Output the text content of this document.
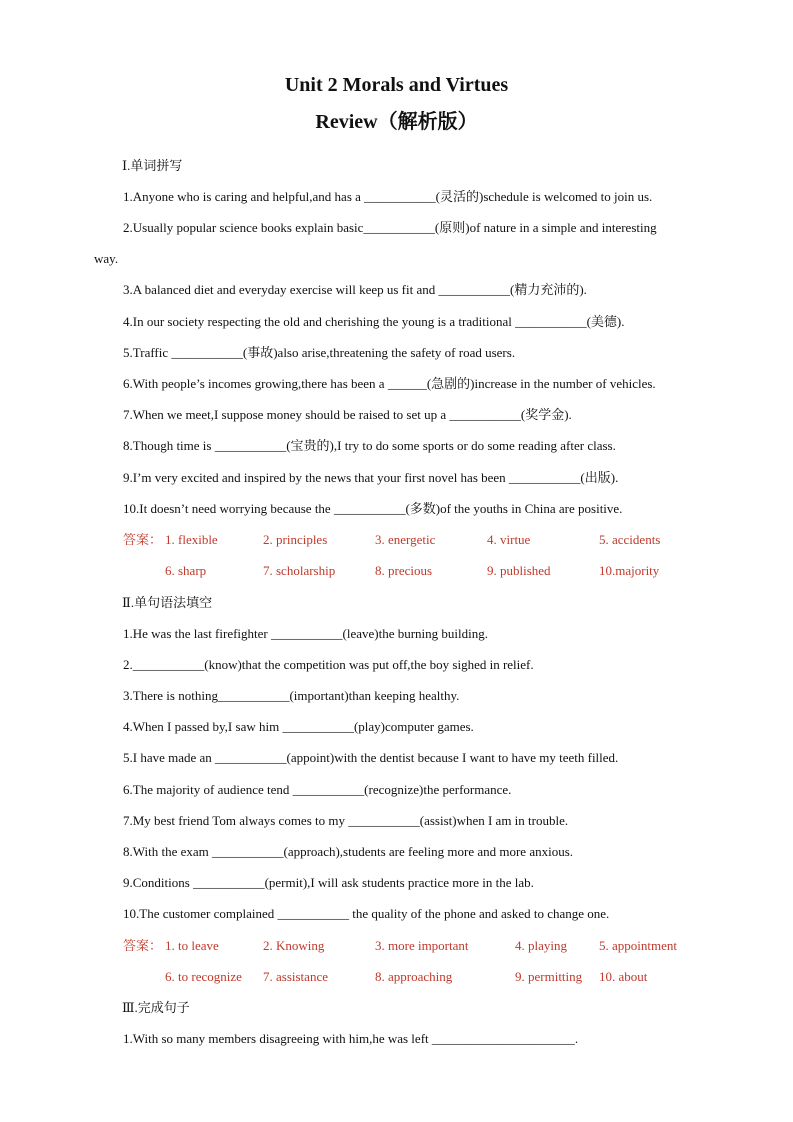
Unit 2 Morals and Virtues
Review（解析版）
Ⅰ.单词拼写
1.Anyone who is caring and helpful,and has a ___________(灵活的)schedule is welcomed to join us.
2.Usually popular science books explain basic___________(原则)of nature in a simple and interesting
way.
3.A balanced diet and everyday exercise will keep us fit and ___________(精力充沛的).
4.In our society respecting the old and cherishing the young is a traditional ___________(美德).
5.Traffic ___________(事故)also arise,threatening the safety of road users.
6.With people’s incomes growing,there has been a ______(急剧的)increase in the number of vehicles.
7.When we meet,I suppose money should be raised to set up a ___________(奖学金).
8.Though time is ___________(宝贵的),I try to do some sports or do some reading after class.
9.I’m very excited and inspired by the news that your first novel has been ___________(出版).
10.It doesn’t need worrying because the ___________(多数)of the youths in China are positive.
答案： 1. flexible	2. principles	3. energetic	4. virtue	5. accidents
6. sharp	7. scholarship	8. precious	9. published	10.majority
Ⅱ.单句语法填空
1.He was the last firefighter ___________(leave)the burning building.
2.___________(know)that the competition was put off,the boy sighed in relief.
3.There is nothing___________(important)than keeping healthy.
4.When I passed by,I saw him ___________(play)computer games.
5.I have made an ___________(appoint)with the dentist because I want to have my teeth filled.
6.The majority of audience tend ___________(recognize)the performance.
7.My best friend Tom always comes to my ___________(assist)when I am in trouble.
8.With the exam ___________(approach),students are feeling more and more anxious.
9.Conditions ___________(permit),I will ask students practice more in the lab.
10.The customer complained ___________ the quality of the phone and asked to change one.
答案： 1. to leave	2. Knowing	3. more important	4. playing 5. appointment
6. to recognize 7. assistance	8. approaching	9. permitting 10. about
Ⅲ.完成句子
1.With so many members disagreeing with him,he was left ______________________.
